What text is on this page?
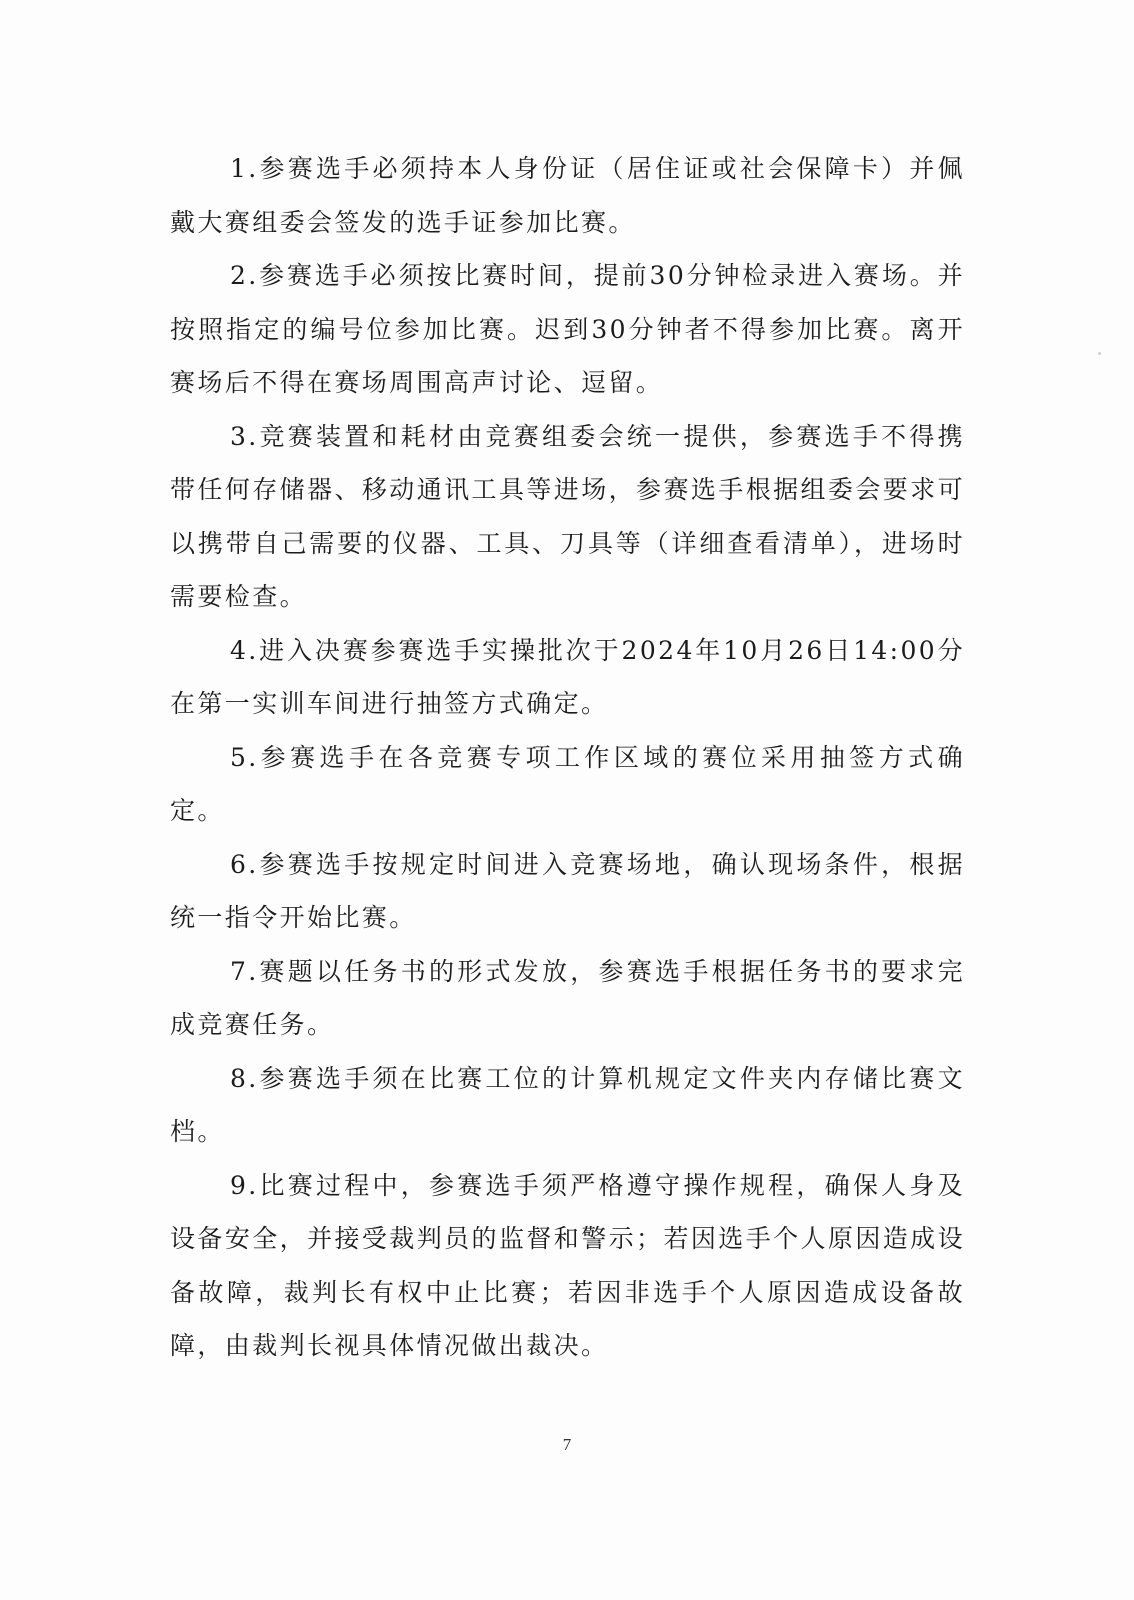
1.参赛选手必须持本人身份证（居住证或社会保障卡）并佩戴大赛组委会签发的选手证参加比赛。

2.参赛选手必须按比赛时间，提前30分钟检录进入赛场。并按照指定的编号位参加比赛。迟到30分钟者不得参加比赛。离开赛场后不得在赛场周围高声讨论、逗留。

3.竞赛装置和耗材由竞赛组委会统一提供，参赛选手不得携带任何存储器、移动通讯工具等进场，参赛选手根据组委会要求可以携带自己需要的仪器、工具、刀具等（详细查看清单），进场时需要检查。

4.进入决赛参赛选手实操批次于2024年10月26日14:00分在第一实训车间进行抽签方式确定。

5.参赛选手在各竞赛专项工作区域的赛位采用抽签方式确定。

6.参赛选手按规定时间进入竞赛场地，确认现场条件，根据统一指令开始比赛。

7.赛题以任务书的形式发放，参赛选手根据任务书的要求完成竞赛任务。

8.参赛选手须在比赛工位的计算机规定文件夹内存储比赛文档。

9.比赛过程中，参赛选手须严格遵守操作规程，确保人身及设备安全，并接受裁判员的监督和警示；若因选手个人原因造成设备故障，裁判长有权中止比赛；若因非选手个人原因造成设备故障，由裁判长视具体情况做出裁决。

7
